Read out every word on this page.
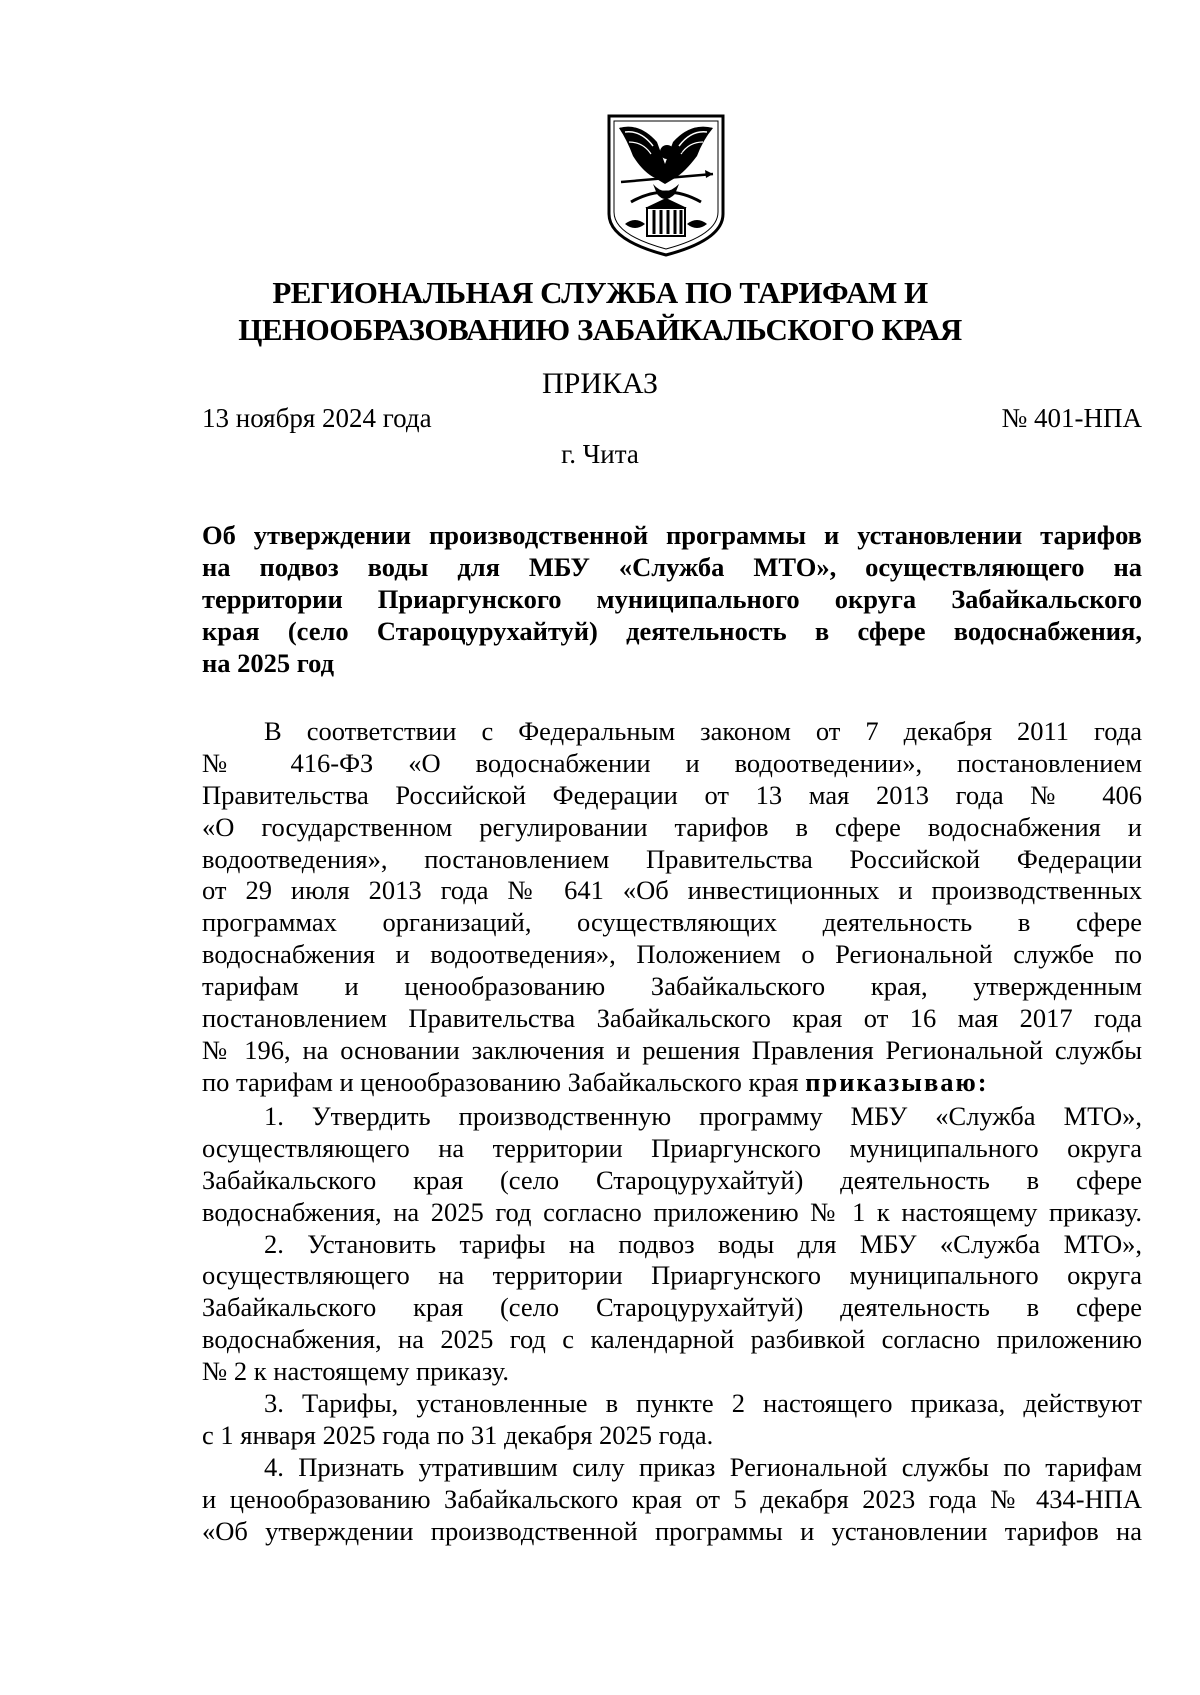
РЕГИОНАЛЬНАЯ СЛУЖБА ПО ТАРИФАМ И
ЦЕНООБРАЗОВАНИЮ ЗАБАЙКАЛЬСКОГО КРАЯ
ПРИКАЗ
13 ноября 2024 года	№ 401-НПА
г. Чита
Об утверждении производственной программы и установлении тарифов
на подвоз воды для МБУ «Служба МТО», осуществляющего на
территории Приаргунского муниципального округа Забайкальского
края (село Староцурухайтуй) деятельность в сфере водоснабжения,
на 2025 год
В соответствии с Федеральным законом от 7 декабря 2011 года
№ 416-ФЗ «О водоснабжении и водоотведении», постановлением
Правительства Российской Федерации от 13 мая 2013 года № 406
«О государственном регулировании тарифов в сфере водоснабжения и
водоотведения», постановлением Правительства Российской Федерации
от 29 июля 2013 года № 641 «Об инвестиционных и производственных
программах организаций, осуществляющих деятельность в сфере
водоснабжения и водоотведения», Положением о Региональной службе по
тарифам и ценообразованию Забайкальского края, утвержденным
постановлением Правительства Забайкальского края от 16 мая 2017 года
№ 196, на основании заключения и решения Правления Региональной службы
по тарифам и ценообразованию Забайкальского края приказываю:
1. Утвердить производственную программу МБУ «Служба МТО»,
осуществляющего на территории Приаргунского муниципального округа
Забайкальского края (село Староцурухайтуй) деятельность в сфере
водоснабжения, на 2025 год согласно приложению № 1 к настоящему приказу.
2. Установить тарифы на подвоз воды для МБУ «Служба МТО»,
осуществляющего на территории Приаргунского муниципального округа
Забайкальского края (село Староцурухайтуй) деятельность в сфере
водоснабжения, на 2025 год с календарной разбивкой согласно приложению
№ 2 к настоящему приказу.
3. Тарифы, установленные в пункте 2 настоящего приказа, действуют
с 1 января 2025 года по 31 декабря 2025 года.
4. Признать утратившим силу приказ Региональной службы по тарифам
и ценообразованию Забайкальского края от 5 декабря 2023 года № 434-НПА
«Об утверждении производственной программы и установлении тарифов на
